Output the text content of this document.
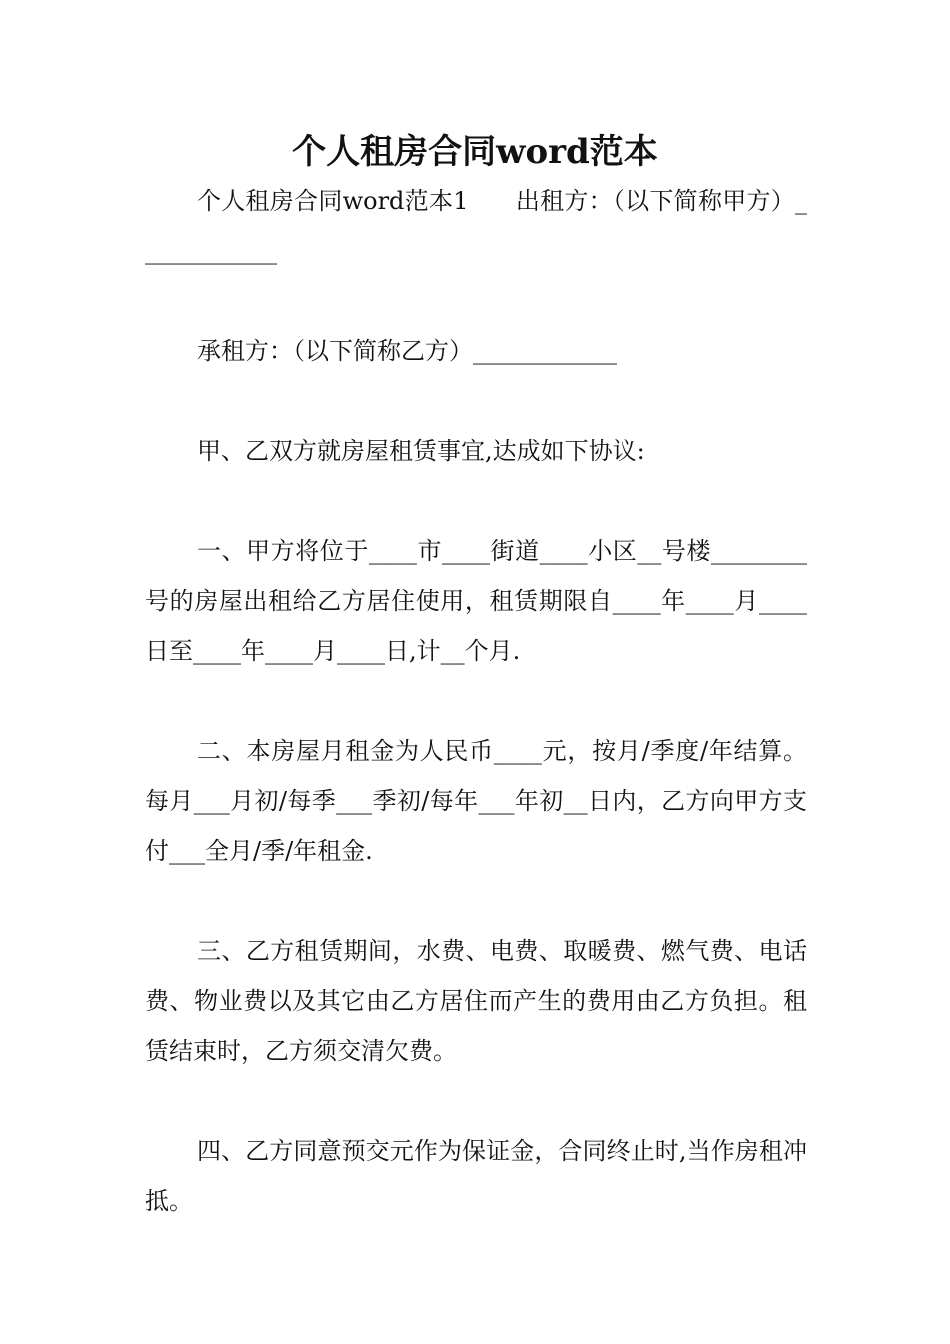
个人租房合同word范本

个人租房合同word范本1      出租方：（以下简称甲方）____________

承租方：（以下简称乙方）____________

甲、乙双方就房屋租赁事宜,达成如下协议:

一、甲方将位于____市____街道____小区__号楼________号的房屋出租给乙方居住使用，租赁期限自____年____月____日至____年____月____日,计__个月.

二、本房屋月租金为人民币____元，按月/季度/年结算。每月___月初/每季___季初/每年___年初__日内，乙方向甲方支付___全月/季/年租金.

三、乙方租赁期间，水费、电费、取暖费、燃气费、电话费、物业费以及其它由乙方居住而产生的费用由乙方负担。租赁结束时，乙方须交清欠费。

四、乙方同意预交元作为保证金，合同终止时,当作房租冲抵。
